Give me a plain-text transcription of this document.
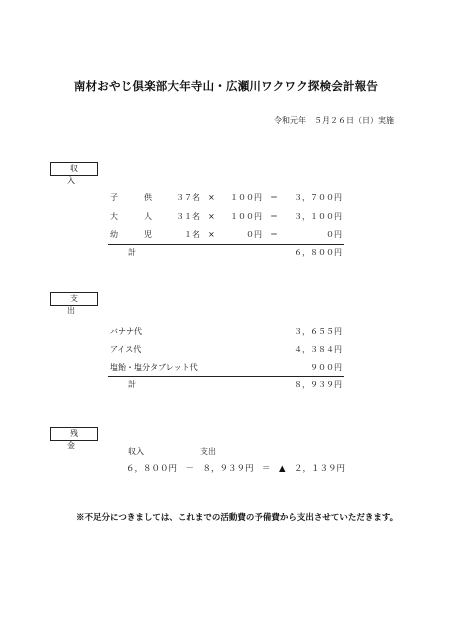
南材おやじ倶楽部大年寺山・広瀬川ワクワク探検会計報告
令和元年　５月２６日（日）実施
収　入
子	供	３７名 ×	１００円 ＝ ３，７００円
大	人	３１名 ×	１００円 ＝ ３，１００円
幼	児	１名 ×	０円 ＝	０円
計	６，８００円
支　出
バナナ代	３，６５５円
アイス代	４，３８４円
塩飴・塩分タブレット代	９００円
計	８，９３９円
残　金
収入	支出
６，８００円　－　８，９３９円　＝　▲　２，１３９円
※不足分につきましては、これまでの活動費の予備費から支出させていただきます。
